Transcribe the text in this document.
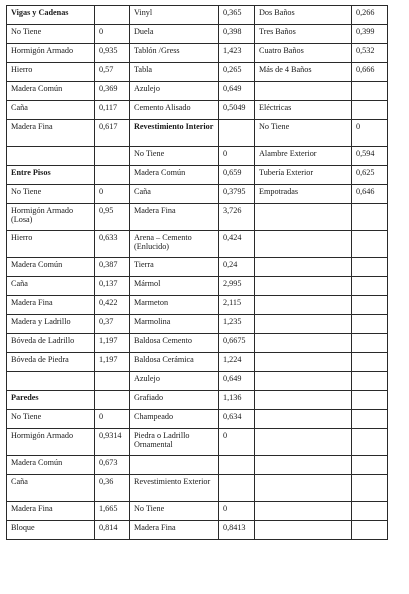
Vigas y Cadenas		Vinyl	0,365	Dos Baños	0,266
No Tiene	0	Duela	0,398	Tres Baños	0,399
Hormigón Armado	0,935	Tablón /Gress	1,423	Cuatro Baños	0,532
Hierro	0,57	Tabla	0,265	Más de 4 Baños	0,666
Madera Común	0,369	Azulejo	0,649		
Caña	0,117	Cemento Alisado	0,5049	Eléctricas	
Madera Fina	0,617	Revestimiento Interior		No Tiene	0
		No Tiene	0	Alambre Exterior	0,594
Entre Pisos		Madera Común	0,659	Tubería Exterior	0,625
No Tiene	0	Caña	0,3795	Empotradas	0,646
Hormigón Armado (Losa)	0,95	Madera Fina	3,726		
Hierro	0,633	Arena – Cemento (Enlucido)	0,424		
Madera Común	0,387	Tierra	0,24		
Caña	0,137	Mármol	2,995		
Madera Fina	0,422	Marmeton	2,115		
Madera y Ladrillo	0,37	Marmolina	1,235		
Bóveda de Ladrillo	1,197	Baldosa Cemento	0,6675		
Bóveda de Piedra	1,197	Baldosa Cerámica	1,224		
		Azulejo	0,649		
Paredes		Grafiado	1,136		
No Tiene	0	Champeado	0,634		
Hormigón Armado	0,9314	Piedra o Ladrillo Ornamental	0		
Madera Común	0,673				
Caña	0,36	Revestimiento Exterior			
Madera Fina	1,665	No Tiene	0		
Bloque	0,814	Madera Fina	0,8413		
